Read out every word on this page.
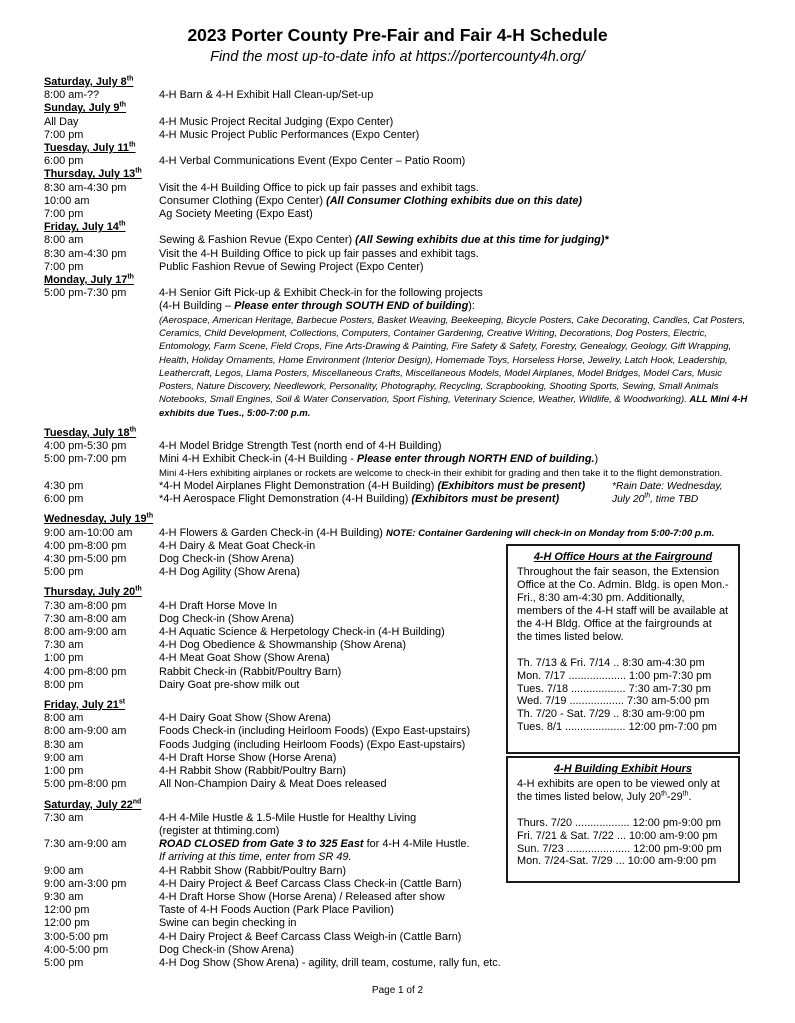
2023 Porter County Pre-Fair and Fair 4-H Schedule
Find the most up-to-date info at https://portercounty4h.org/
Saturday, July 8th
8:00 am-??	4-H Barn & 4-H Exhibit Hall Clean-up/Set-up
Sunday, July 9th
All Day	4-H Music Project Recital Judging (Expo Center)
7:00 pm	4-H Music Project Public Performances (Expo Center)
Tuesday, July 11th
6:00 pm	4-H Verbal Communications Event (Expo Center – Patio Room)
Thursday, July 13th
8:30 am-4:30 pm	Visit the 4-H Building Office to pick up fair passes and exhibit tags.
10:00 am	Consumer Clothing (Expo Center) (All Consumer Clothing exhibits due on this date)
7:00 pm	Ag Society Meeting (Expo East)
Friday, July 14th
8:00 am	Sewing & Fashion Revue (Expo Center) (All Sewing exhibits due at this time for judging)*
8:30 am-4:30 pm	Visit the 4-H Building Office to pick up fair passes and exhibit tags.
7:00 pm	Public Fashion Revue of Sewing Project (Expo Center)
Monday, July 17th
5:00 pm-7:30 pm	4-H Senior Gift Pick-up & Exhibit Check-in for the following projects
(4-H Building – Please enter through SOUTH END of building):
(Aerospace, American Heritage, Barbecue Posters, Basket Weaving, Beekeeping, Bicycle Posters, Cake Decorating, Candles, Cat Posters, Ceramics, Child Development, Collections, Computers, Container Gardening, Creative Writing, Decorations, Dog Posters, Electric, Entomology, Farm Scene, Field Crops, Fine Arts-Drawing & Painting, Fire Safety & Safety, Forestry, Genealogy, Geology, Gift Wrapping, Health, Holiday Ornaments, Home Environment (Interior Design), Homemade Toys, Horseless Horse, Jewelry, Latch Hook, Leadership, Leathercraft, Legos, Llama Posters, Miscellaneous Crafts, Miscellaneous Models, Model Airplanes, Model Bridges, Model Cars, Music Posters, Nature Discovery, Needlework, Personality, Photography, Recycling, Scrapbooking, Shooting Sports, Sewing, Small Animals Notebooks, Small Engines, Soil & Water Conservation, Sport Fishing, Veterinary Science, Weather, Wildlife, & Woodworking). ALL Mini 4-H exhibits due Tues., 5:00-7:00 p.m.
Tuesday, July 18th
4:00 pm-5:30 pm	4-H Model Bridge Strength Test (north end of 4-H Building)
5:00 pm-7:00 pm	Mini 4-H Exhibit Check-in (4-H Building - Please enter through NORTH END of building.)
Mini 4-Hers exhibiting airplanes or rockets are welcome to check-in their exhibit for grading and then take it to the flight demonstration.
4:30 pm	*4-H Model Airplanes Flight Demonstration (4-H Building) (Exhibitors must be present)	*Rain Date: Wednesday,
6:00 pm	*4-H Aerospace Flight Demonstration (4-H Building) (Exhibitors must be present)	July 20th, time TBD
Wednesday, July 19th
9:00 am-10:00 am	4-H Flowers & Garden Check-in (4-H Building) NOTE: Container Gardening will check-in on Monday from 5:00-7:00 p.m.
4:00 pm-8:00 pm	4-H Dairy & Meat Goat Check-in
4:30 pm-5:00 pm	Dog Check-in (Show Arena)
5:00 pm	4-H Dog Agility (Show Arena)
Thursday, July 20th
7:30 am-8:00 pm	4-H Draft Horse Move In
7:30 am-8:00 am	Dog Check-in (Show Arena)
8:00 am-9:00 am	4-H Aquatic Science & Herpetology Check-in (4-H Building)
7:30 am	4-H Dog Obedience & Showmanship (Show Arena)
1:00 pm	4-H Meat Goat Show (Show Arena)
4:00 pm-8:00 pm	Rabbit Check-in (Rabbit/Poultry Barn)
8:00 pm	Dairy Goat pre-show milk out
Friday, July 21st
8:00 am	4-H Dairy Goat Show (Show Arena)
8:00 am-9:00 am	Foods Check-in (including Heirloom Foods) (Expo East-upstairs)
8:30 am	Foods Judging (including Heirloom Foods) (Expo East-upstairs)
9:00 am	4-H Draft Horse Show (Horse Arena)
1:00 pm	4-H Rabbit Show (Rabbit/Poultry Barn)
5:00 pm-8:00 pm	All Non-Champion Dairy & Meat Does released
Saturday, July 22nd
7:30 am	4-H 4-Mile Hustle & 1.5-Mile Hustle for Healthy Living
(register at thtiming.com)
7:30 am-9:00 am	ROAD CLOSED from Gate 3 to 325 East for 4-H 4-Mile Hustle.
If arriving at this time, enter from SR 49.
9:00 am	4-H Rabbit Show (Rabbit/Poultry Barn)
9:00 am-3:00 pm	4-H Dairy Project & Beef Carcass Class Check-in (Cattle Barn)
9:30 am	4-H Draft Horse Show (Horse Arena) / Released after show
12:00 pm	Taste of 4-H Foods Auction (Park Place Pavilion)
12:00 pm	Swine can begin checking in
3:00-5:00 pm	4-H Dairy Project & Beef Carcass Class Weigh-in (Cattle Barn)
4:00-5:00 pm	Dog Check-in (Show Arena)
5:00 pm	4-H Dog Show (Show Arena) - agility, drill team, costume, rally fun, etc.
4-H Office Hours at the Fairground
Throughout the fair season, the Extension Office at the Co. Admin. Bldg. is open Mon.-Fri., 8:30 am-4:30 pm. Additionally, members of the 4-H staff will be available at the 4-H Bldg. Office at the fairgrounds at the times listed below.
Th. 7/13 & Fri. 7/14 .. 8:30 am-4:30 pm
Mon. 7/17 ................... 1:00 pm-7:30 pm
Tues. 7/18 .................. 7:30 am-7:30 pm
Wed. 7/19 .................. 7:30 am-5:00 pm
Th. 7/20 - Sat. 7/29 .. 8:30 am-9:00 pm
Tues. 8/1 .................... 12:00 pm-7:00 pm
4-H Building Exhibit Hours
4-H exhibits are open to be viewed only at the times listed below, July 20th-29th.
Thurs. 7/20 .................. 12:00 pm-9:00 pm
Fri. 7/21 & Sat. 7/22 ... 10:00 am-9:00 pm
Sun. 7/23 ..................... 12:00 pm-9:00 pm
Mon. 7/24-Sat. 7/29 ... 10:00 am-9:00 pm
Page 1 of 2
